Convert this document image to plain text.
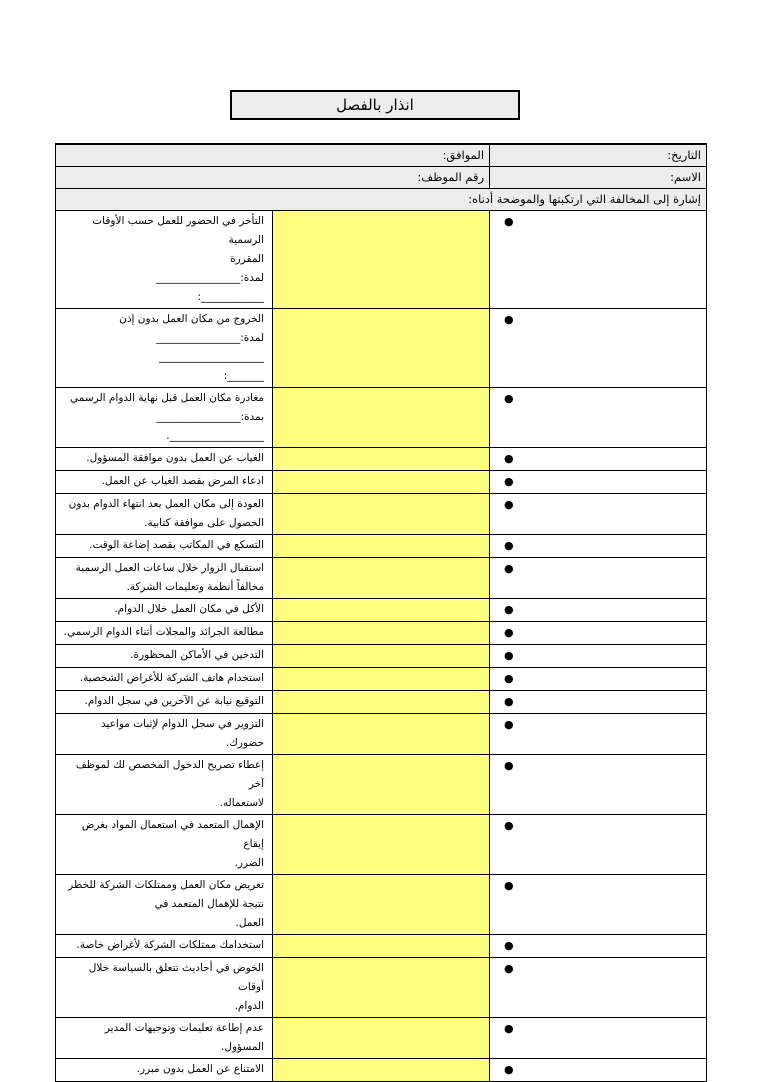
انذار بالفصل
التاريخ:	الموافق:	
الاسم:	رقم الموظف:	
إشارة إلى المخالفة التي ارتكبتها والموضحة أدناه:		
●		التأخر في الحضور للعمل حسب الأوقات الرسمية
المقررة
لمدة:________________
____________:

●		الخروج من مكان العمل بدون إذن
لمدة:________________
____________________
_______:

●		مغادرة مكان العمل قبل نهاية الدوام الرسمي
بمدة:________________
__________________.

●		الغياب عن العمل بدون موافقة المسؤول.

●		ادعاء المرض بقصد الغياب عن العمل.

●		العودة إلى مكان العمل بعد انتهاء الدوام بدون
الحصول على موافقة كتابية.

●		التسكع في المكاتب بقصد إضاعة الوقت.

●		استقبال الزوار خلال ساعات العمل الرسمية
مخالفاً أنظمة وتعليمات الشركة.

●		الأكل في مكان العمل خلال الدوام.

●		مطالعة الجرائد والمجلات أثناء الدوام الرسمي.

●		التدخين في الأماكن المحظورة.

●		استخدام هاتف الشركة للأغراض الشخصية.

●		التوقيع نيابة عن الآخرين في سجل الدوام.

●		التزوير في سجل الدوام لإثبات مواعيد حضورك.

●		إعطاء تصريح الدخول المخصص لك لموظف آخر
لاستعماله.

●		الإهمال المتعمد في استعمال المواد بغرض إيقاع
الضرر.

●		تعريض مكان العمل وممتلكات الشركة للخطر
نتيجة للإهمال المتعمد في
العمل.

●		استخدامك ممتلكات الشركة لأغراض خاصة.

●		الخوض في أحاديث تتعلق بالسياسة خلال أوقات
الدوام.

●		عدم إطاعة تعليمات وتوجيهات المدير المسؤول.

●		الامتناع عن العمل بدون مبرر.
